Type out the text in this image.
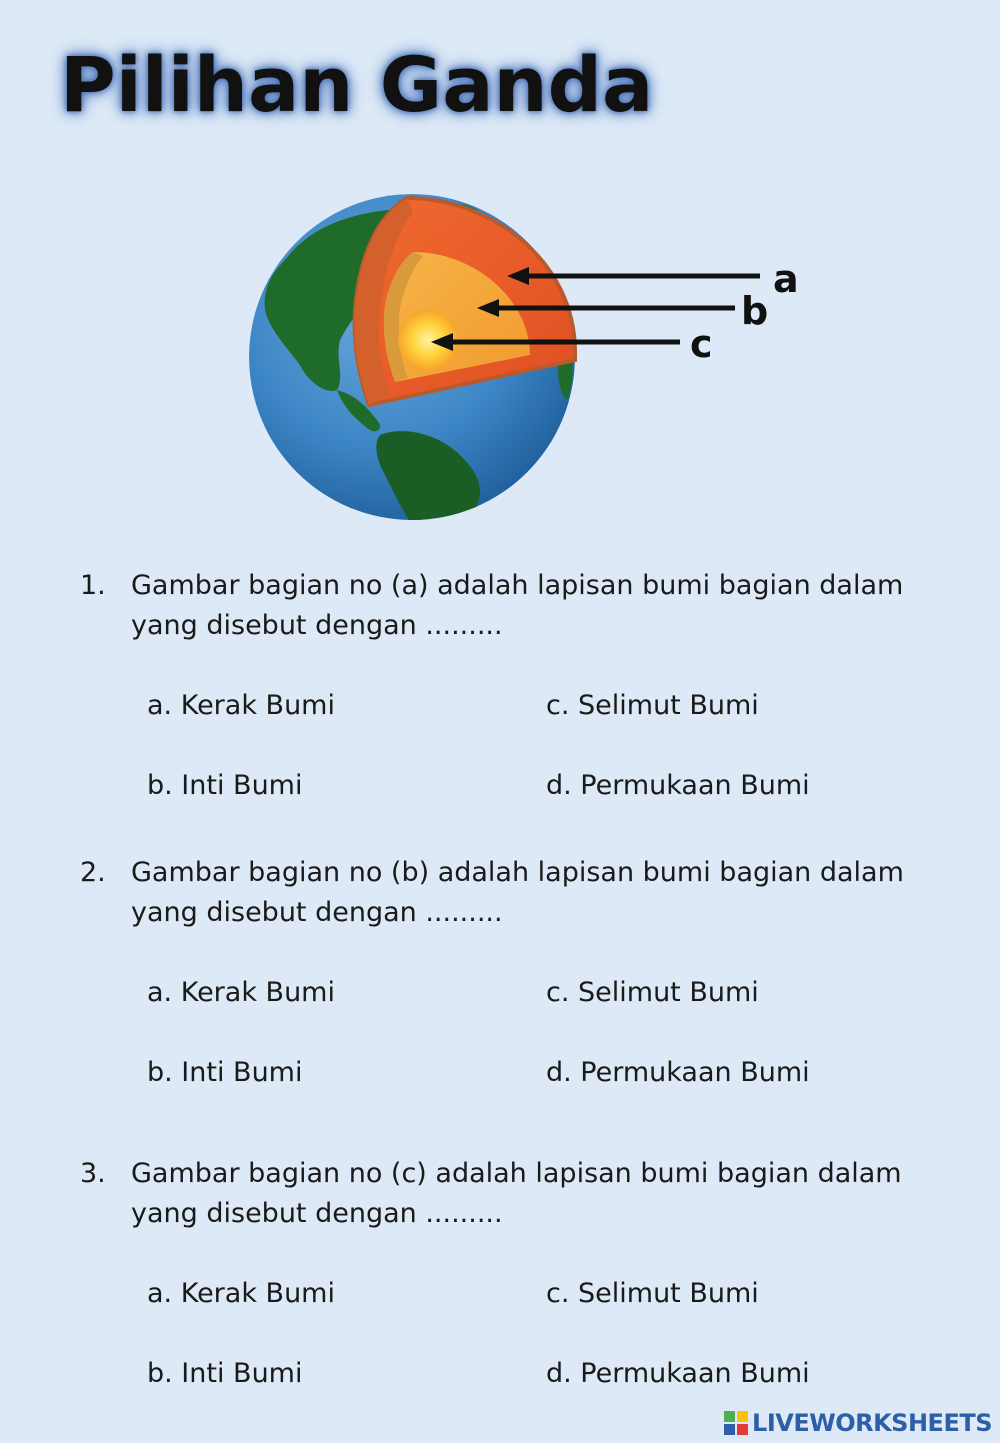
Pilihan Ganda
a
b
c
1. Gambar bagian no (a) adalah lapisan bumi bagian dalam
yang disebut dengan .........
a. Kerak Bumi	c. Selimut Bumi
b. Inti Bumi	d. Permukaan Bumi
2. Gambar bagian no (b) adalah lapisan bumi bagian dalam
yang disebut dengan .........
a. Kerak Bumi	c. Selimut Bumi
b. Inti Bumi	d. Permukaan Bumi
3. Gambar bagian no (c) adalah lapisan bumi bagian dalam
yang disebut dengan .........
a. Kerak Bumi	c. Selimut Bumi
b. Inti Bumi	d. Permukaan Bumi
LIVEWORKSHEETS
